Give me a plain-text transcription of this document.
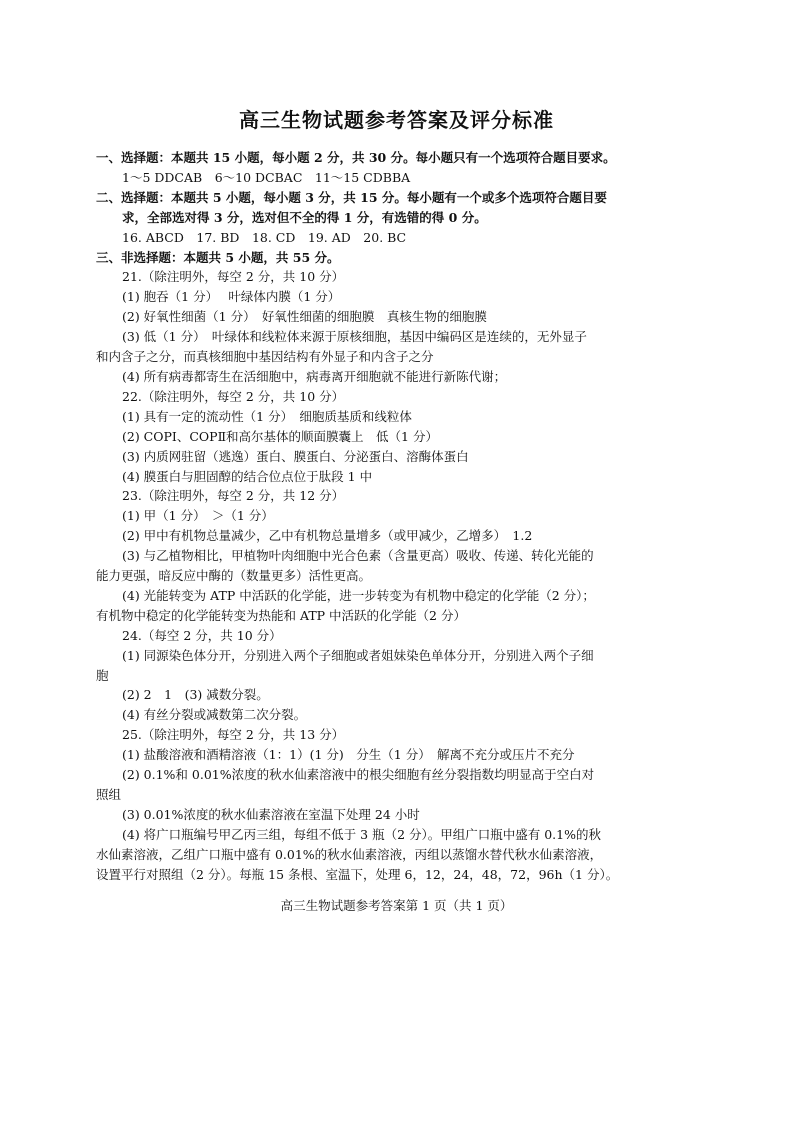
高三生物试题参考答案及评分标准
一、选择题：本题共 15 小题，每小题 2 分，共 30 分。每小题只有一个选项符合题目要求。
1～5 DDCAB　6～10 DCBAC　11～15 CDBBA
二、选择题：本题共 5 小题，每小题 3 分，共 15 分。每小题有一个或多个选项符合题目要
求，全部选对得 3 分，选对但不全的得 1 分，有选错的得 0 分。
16. ABCD　17. BD　18. CD　19. AD　20. BC
三、非选择题：本题共 5 小题，共 55 分。
21.（除注明外，每空 2 分，共 10 分）
(1) 胞吞（1 分）　 叶绿体内膜（1 分）
(2) 好氧性细菌（1 分）　好氧性细菌的细胞膜　真核生物的细胞膜
(3) 低（1 分）　叶绿体和线粒体来源于原核细胞，基因中编码区是连续的，无外显子
和内含子之分，而真核细胞中基因结构有外显子和内含子之分
(4) 所有病毒都寄生在活细胞中，病毒离开细胞就不能进行新陈代谢；
22.（除注明外，每空 2 分，共 10 分）
(1) 具有一定的流动性（1 分）　细胞质基质和线粒体
(2) COPⅠ、COPⅡ和高尔基体的顺面膜囊上　低（1 分）
(3) 内质网驻留（逃逸）蛋白、膜蛋白、分泌蛋白、溶酶体蛋白
(4) 膜蛋白与胆固醇的结合位点位于肽段 1 中
23.（除注明外，每空 2 分，共 12 分）
(1) 甲（1 分）　＞（1 分）
(2) 甲中有机物总量减少，乙中有机物总量增多（或甲减少，乙增多）　1.2
(3) 与乙植物相比，甲植物叶肉细胞中光合色素（含量更高）吸收、传递、转化光能的
能力更强，暗反应中酶的（数量更多）活性更高。
(4) 光能转变为 ATP 中活跃的化学能，进一步转变为有机物中稳定的化学能（2 分）；
有机物中稳定的化学能转变为热能和 ATP 中活跃的化学能（2 分）
24.（每空 2 分，共 10 分）
(1) 同源染色体分开，分别进入两个子细胞或者姐妹染色单体分开，分别进入两个子细
胞
(2) 2　1　(3) 减数分裂。
(4) 有丝分裂或减数第二次分裂。
25.（除注明外，每空 2 分，共 13 分）
(1) 盐酸溶液和酒精溶液（1：1）(1 分)　分生（1 分）　解离不充分或压片不充分
(2) 0.1%和 0.01%浓度的秋水仙素溶液中的根尖细胞有丝分裂指数均明显高于空白对
照组
(3) 0.01%浓度的秋水仙素溶液在室温下处理 24 小时
(4) 将广口瓶编号甲乙丙三组，每组不低于 3 瓶（2 分）。甲组广口瓶中盛有 0.1%的秋
水仙素溶液，乙组广口瓶中盛有 0.01%的秋水仙素溶液，丙组以蒸馏水替代秋水仙素溶液，
设置平行对照组（2 分）。每瓶 15 条根、室温下，处理 6，12，24，48，72，96h（1 分）。
高三生物试题参考答案第 1 页（共 1 页）
